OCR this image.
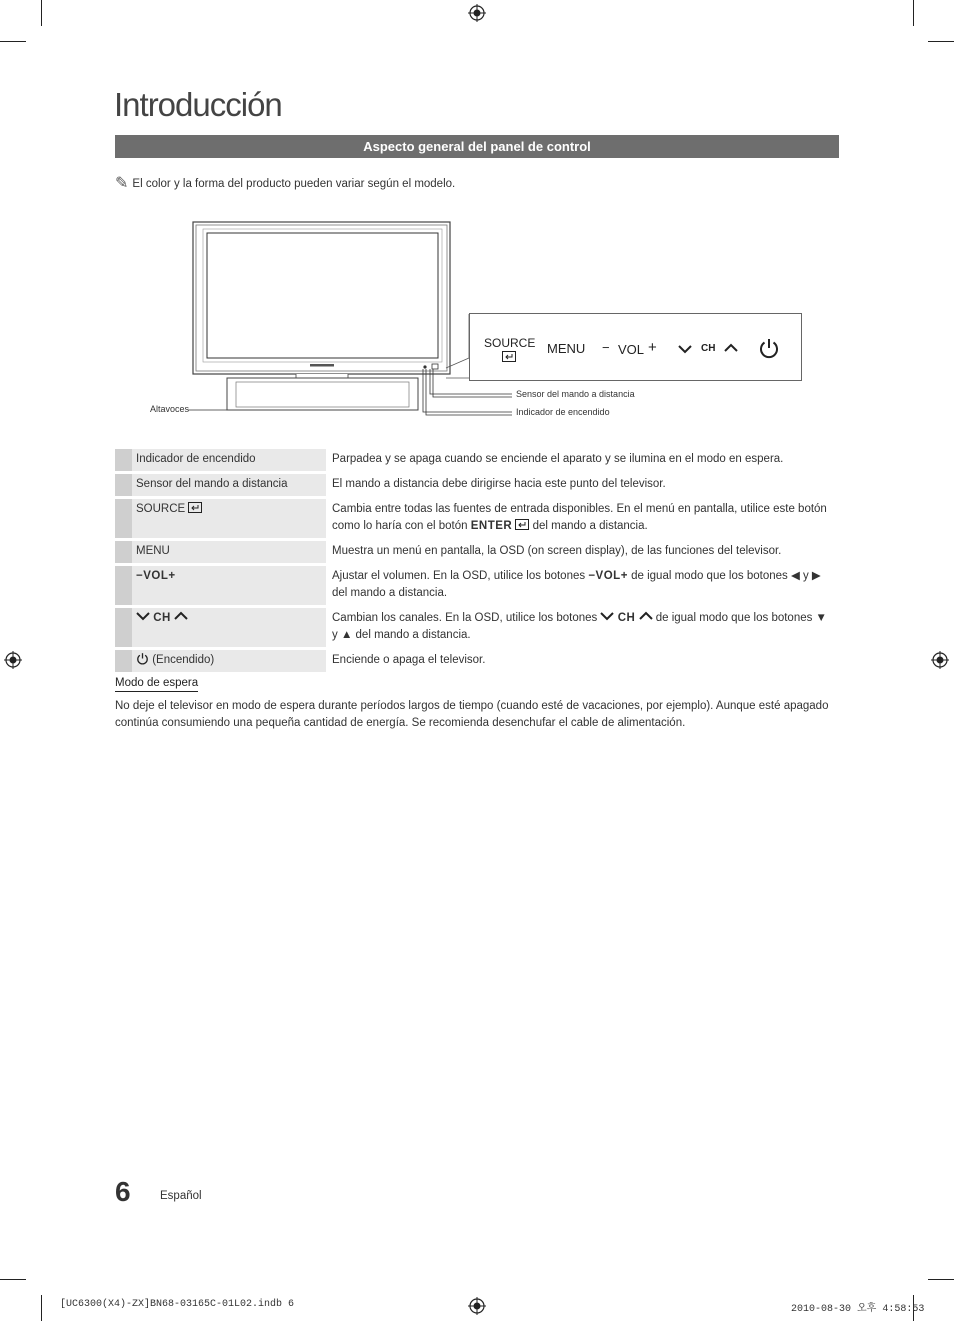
Introducción
Aspecto general del panel de control
✎ El color y la forma del producto pueden variar según el modelo.
Altavoces
Sensor del mando a distancia
Indicador de encendido
SOURCE MENU − VOL +	CH
	Indicador de encendido	Parpadea y se apaga cuando se enciende el aparato y se ilumina en el modo en espera.
	Sensor del mando a distancia	El mando a distancia debe dirigirse hacia este punto del televisor.
	SOURCE	Cambia entre todas las fuentes de entrada disponibles. En el menú en pantalla, utilice este botón como lo haría con el botón ENTER del mando a distancia.
	MENU	Muestra un menú en pantalla, la OSD (on screen display), de las funciones del televisor.
	−VOL+	Ajustar el volumen. En la OSD, utilice los botones −VOL+ de igual modo que los botones ◀ y ▶ del mando a distancia.
	CH	Cambian los canales. En la OSD, utilice los botones CH de igual modo que los botones ▼ y ▲ del mando a distancia.
	(Encendido)	Enciende o apaga el televisor.
Modo de espera
No deje el televisor en modo de espera durante períodos largos de tiempo (cuando esté de vacaciones, por ejemplo). Aunque esté apagado continúa consumiendo una pequeña cantidad de energía. Se recomienda desenchufar el cable de alimentación.
6	Español
[UC6300(X4)-ZX]BN68-03165C-01L02.indb 6	2010-08-30 오후 4:58:53
